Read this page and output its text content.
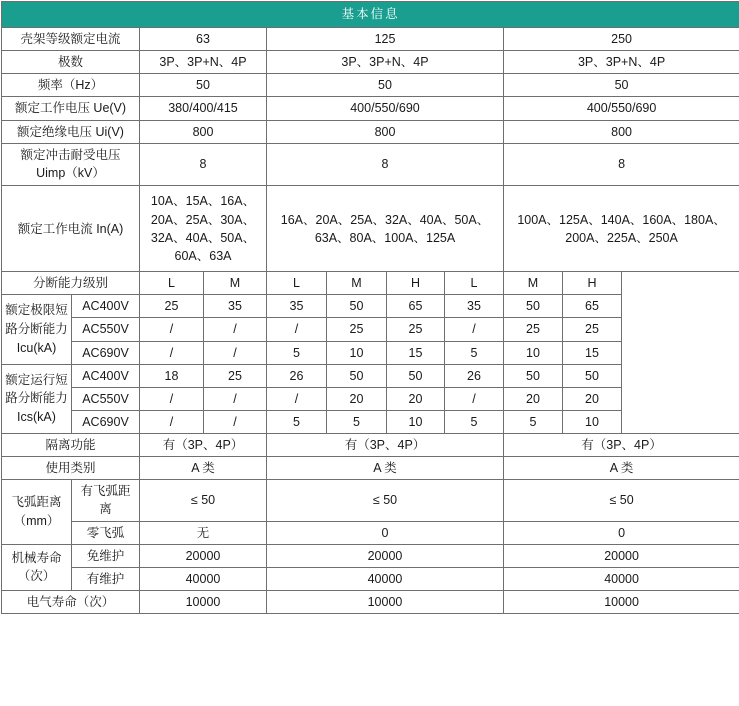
基本信息									
壳架等级额定电流		63		125				250	
极数		3P、3P+N、4P		3P、3P+N、4P				3P、3P+N、4P	
频率（Hz）		50		50				50	
额定工作电压 Ue(V)		380/400/415		400/550/690				400/550/690	
额定绝缘电压 Ui(V)		800		800				800	
额定冲击耐受电压 Uimp（kV）		8		8				8	
额定工作电流 In(A)		10A、15A、16A、20A、25A、30A、32A、40A、50A、60A、63A		16A、20A、25A、32A、40A、50A、63A、80A、100A、125A				100A、125A、140A、160A、180A、200A、225A、250A	
分断能力级别		L	M	L	M	H	L	M	H
额定极限短路分断能力 Icu(kA)	AC400V	25	35	35	50	65	35	50	65
	AC550V	/	/	/	25	25	/	25	25
	AC690V	/	/	5	10	15	5	10	15
额定运行短路分断能力 Ics(kA)	AC400V	18	25	26	50	50	26	50	50
	AC550V	/	/	/	20	20	/	20	20
	AC690V	/	/	5	5	10	5	5	10
隔离功能		有（3P、4P）		有（3P、4P）				有（3P、4P）	
使用类别		A 类		A 类				A 类	
飞弧距离（mm）	有飞弧距离	≤ 50		≤ 50				≤ 50	
	零飞弧	无		0				0	
机械寿命（次）	免维护	20000		20000				20000	
	有维护	40000		40000				40000	
电气寿命（次）		10000		10000				10000	
